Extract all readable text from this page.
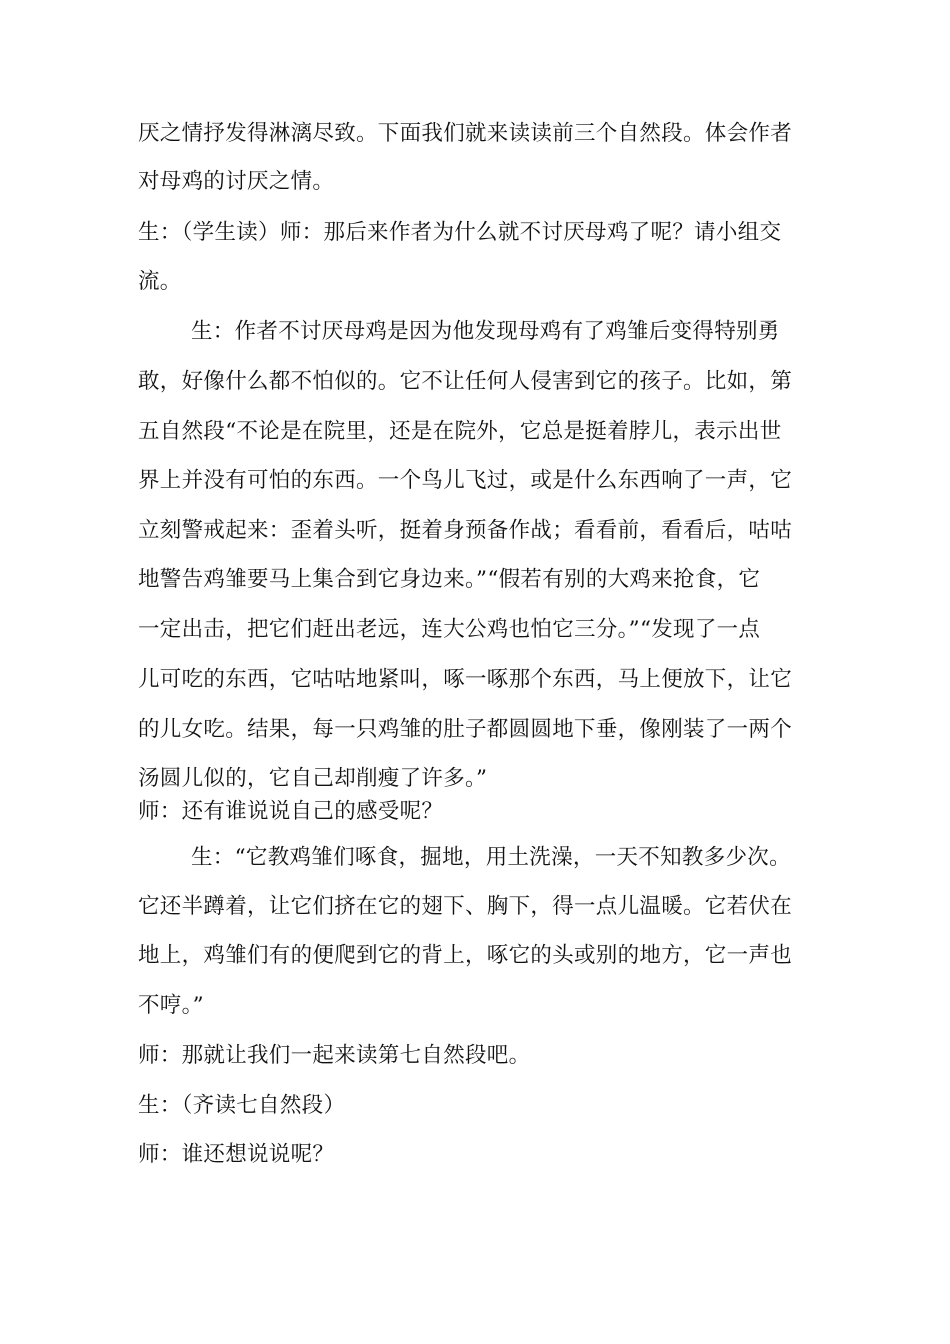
厌之情抒发得淋漓尽致。下面我们就来读读前三个自然段。体会作者
对母鸡的讨厌之情。
生：（学生读）师：那后来作者为什么就不讨厌母鸡了呢？请小组交
流。
生：作者不讨厌母鸡是因为他发现母鸡有了鸡雏后变得特别勇
敢，好像什么都不怕似的。它不让任何人侵害到它的孩子。比如，第
五自然段“不论是在院里，还是在院外，它总是挺着脖儿，表示出世
界上并没有可怕的东西。一个鸟儿飞过，或是什么东西响了一声，它
立刻警戒起来：歪着头听，挺着身预备作战；看看前，看看后，咕咕
地警告鸡雏要马上集合到它身边来。”“假若有别的大鸡来抢食，它
一定出击，把它们赶出老远，连大公鸡也怕它三分。”“发现了一点
儿可吃的东西，它咕咕地紧叫，啄一啄那个东西，马上便放下，让它
的儿女吃。结果，每一只鸡雏的肚子都圆圆地下垂，像刚装了一两个
汤圆儿似的，它自己却削瘦了许多。”
师：还有谁说说自己的感受呢？
生：“它教鸡雏们啄食，掘地，用土洗澡，一天不知教多少次。
它还半蹲着，让它们挤在它的翅下、胸下，得一点儿温暖。它若伏在
地上，鸡雏们有的便爬到它的背上，啄它的头或别的地方，它一声也
不哼。”
师：那就让我们一起来读第七自然段吧。
生：（齐读七自然段）
师：谁还想说说呢？
